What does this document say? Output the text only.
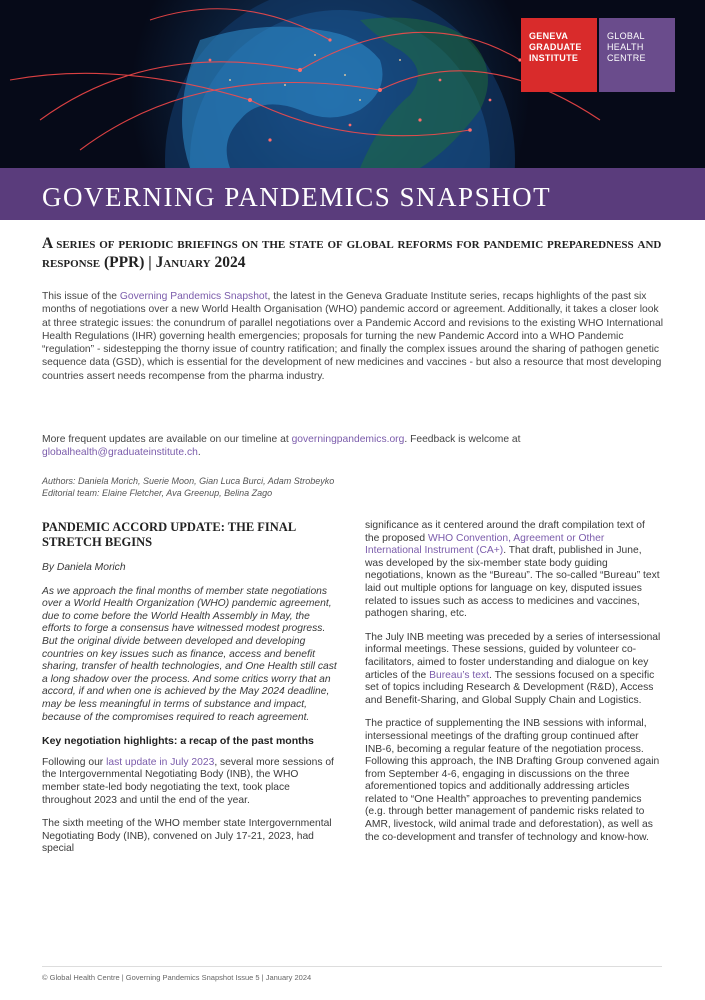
GENEVA
GRADUATE
INSTITUTE
GLOBAL
HEALTH
CENTRE
GOVERNING PANDEMICS SNAPSHOT
A series of periodic briefings on the state of global reforms for pandemic preparedness and response (PPR) | January 2024

This issue of the Governing Pandemics Snapshot, the latest in the Geneva Graduate Institute series, recaps highlights of the past six months of negotiations over a new World Health Organisation (WHO) pandemic accord or agreement. Additionally, it takes a closer look at three strategic issues: the conundrum of parallel negotiations over a Pandemic Accord and revisions to the existing WHO International Health Regulations (IHR) governing health emergencies; proposals for turning the new Pandemic Accord into a WHO Pandemic “regulation” - sidestepping the thorny issue of country ratification; and finally the complex issues around the sharing of pathogen genetic sequence data (GSD), which is essential for the development of new medicines and vaccines - but also a resource that most developing countries assert needs recompense from the pharma industry.

More frequent updates are available on our timeline at governingpandemics.org. Feedback is welcome at globalhealth@graduateinstitute.ch.

Authors: Daniela Morich, Suerie Moon, Gian Luca Burci, Adam Strobeyko
Editorial team: Elaine Fletcher, Ava Greenup, Belina Zago
PANDEMIC ACCORD UPDATE: THE FINAL STRETCH BEGINS

By Daniela Morich

As we approach the final months of member state negotiations over a World Health Organization (WHO) pandemic agreement, due to come before the World Health Assembly in May, the efforts to forge a consensus have witnessed modest progress. But the original divide between developed and developing countries on key issues such as finance, access and benefit sharing, transfer of health technologies, and One Health still cast a long shadow over the process. And some critics worry that an accord, if and when one is achieved by the May 2024 deadline, may be less meaningful in terms of substance and impact, because of the compromises required to reach agreement.

Key negotiation highlights: a recap of the past months

Following our last update in July 2023, several more sessions of the Intergovernmental Negotiating Body (INB), the WHO member state-led body negotiating the text, took place throughout 2023 and until the end of the year.

The sixth meeting of the WHO member state Intergovernmental Negotiating Body (INB), convened on July 17-21, 2023, had special

significance as it centered around the draft compilation text of the proposed WHO Convention, Agreement or Other International Instrument (CA+). That draft, published in June, was developed by the six-member state body guiding negotiations, known as the “Bureau”. The so-called “Bureau” text laid out multiple options for language on key, disputed issues related to issues such as access to medicines and vaccines, pathogen sharing, etc.

The July INB meeting was preceded by a series of intersessional informal meetings. These sessions, guided by volunteer co-facilitators, aimed to foster understanding and dialogue on key articles of the Bureau’s text. The sessions focused on a specific set of topics including Research & Development (R&D), Access and Benefit-Sharing, and Global Supply Chain and Logistics.

The practice of supplementing the INB sessions with informal, intersessional meetings of the drafting group continued after INB-6, becoming a regular feature of the negotiation process. Following this approach, the INB Drafting Group convened again from September 4-6, engaging in discussions on the three aforementioned topics and additionally addressing articles related to “One Health” approaches to preventing pandemics (e.g. through better management of pandemic risks related to AMR, livestock, wild animal trade and deforestation), as well as the co-development and transfer of technology and know-how.

© Global Health Centre | Governing Pandemics Snapshot Issue 5 | January 2024
